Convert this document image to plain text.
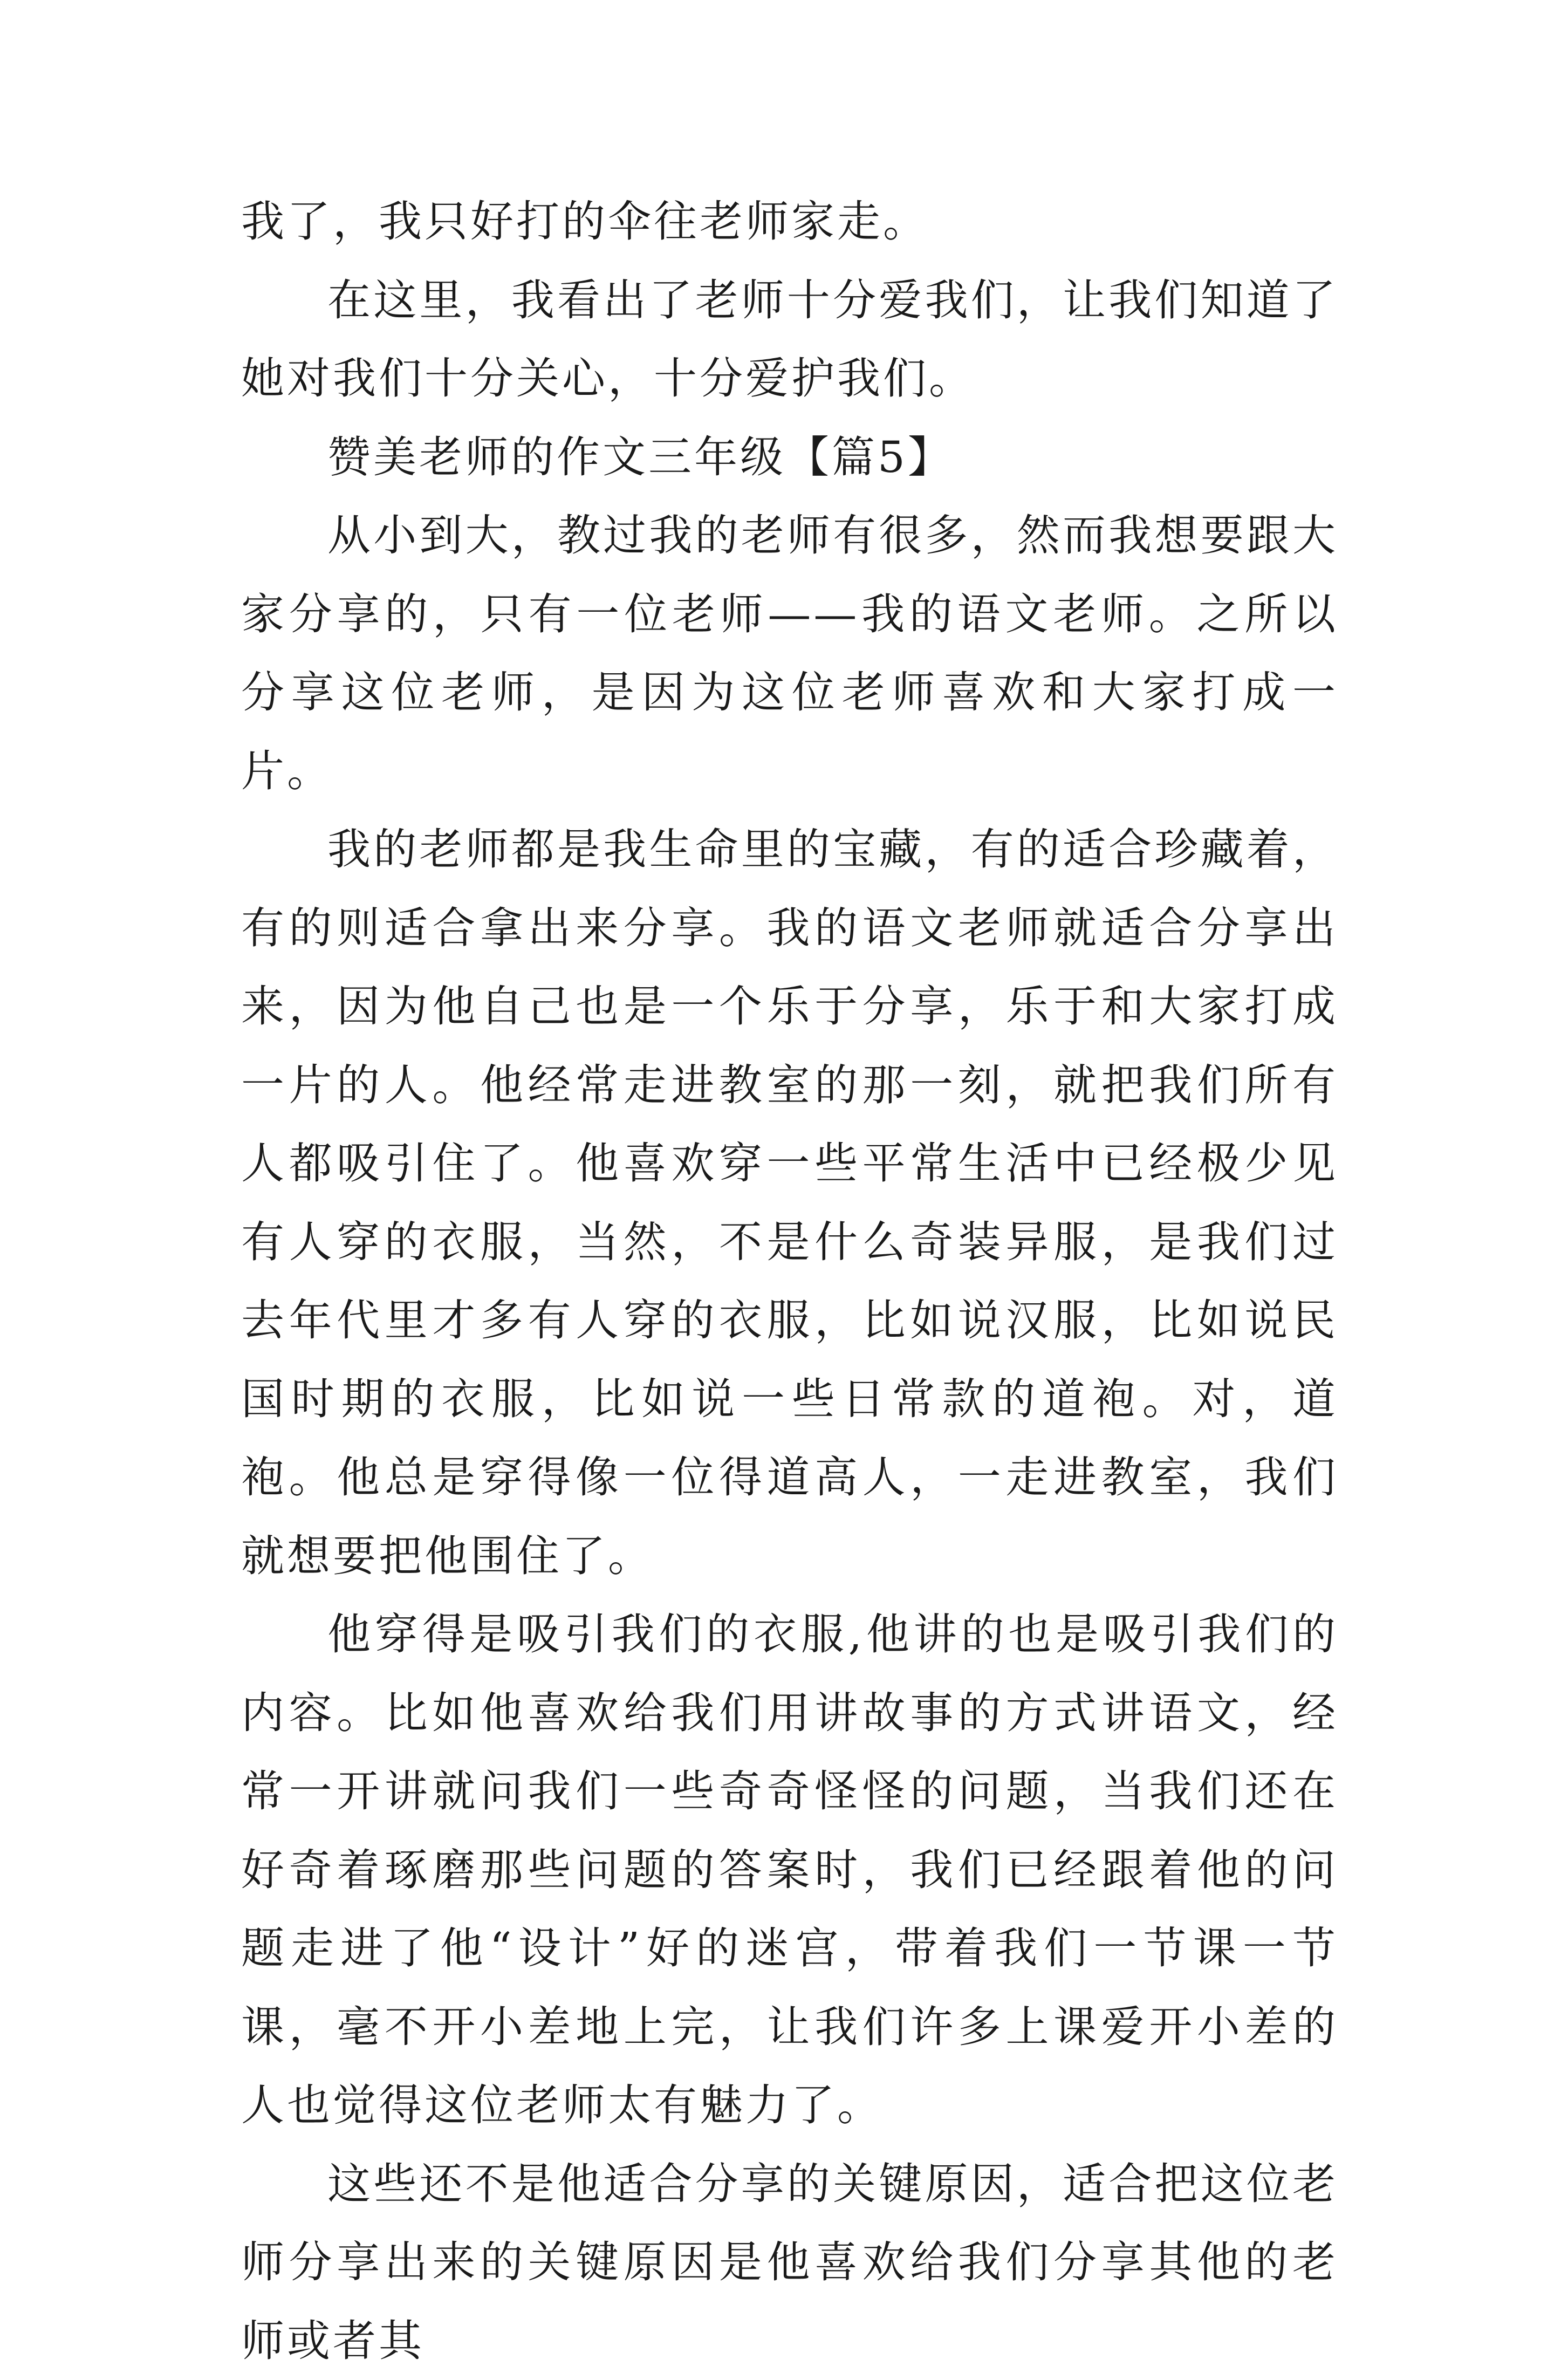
我了，我只好打的伞往老师家走。

在这里，我看出了老师十分爱我们，让我们知道了她对我们十分关心，十分爱护我们。

赞美老师的作文三年级【篇5】

从小到大，教过我的老师有很多，然而我想要跟大家分享的，只有一位老师——我的语文老师。之所以分享这位老师，是因为这位老师喜欢和大家打成一片。

我的老师都是我生命里的宝藏，有的适合珍藏着，有的则适合拿出来分享。我的语文老师就适合分享出来，因为他自己也是一个乐于分享，乐于和大家打成一片的人。他经常走进教室的那一刻，就把我们所有人都吸引住了。他喜欢穿一些平常生活中已经极少见有人穿的衣服，当然，不是什么奇装异服，是我们过去年代里才多有人穿的衣服，比如说汉服，比如说民国时期的衣服，比如说一些日常款的道袍。对，道袍。他总是穿得像一位得道高人，一走进教室，我们就想要把他围住了。

他穿得是吸引我们的衣服,他讲的也是吸引我们的内容。比如他喜欢给我们用讲故事的方式讲语文，经常一开讲就问我们一些奇奇怪怪的问题，当我们还在好奇着琢磨那些问题的答案时，我们已经跟着他的问题走进了他“设计”好的迷宫，带着我们一节课一节课，毫不开小差地上完，让我们许多上课爱开小差的人也觉得这位老师太有魅力了。

这些还不是他适合分享的关键原因，适合把这位老师分享出来的关键原因是他喜欢给我们分享其他的老师或者其
